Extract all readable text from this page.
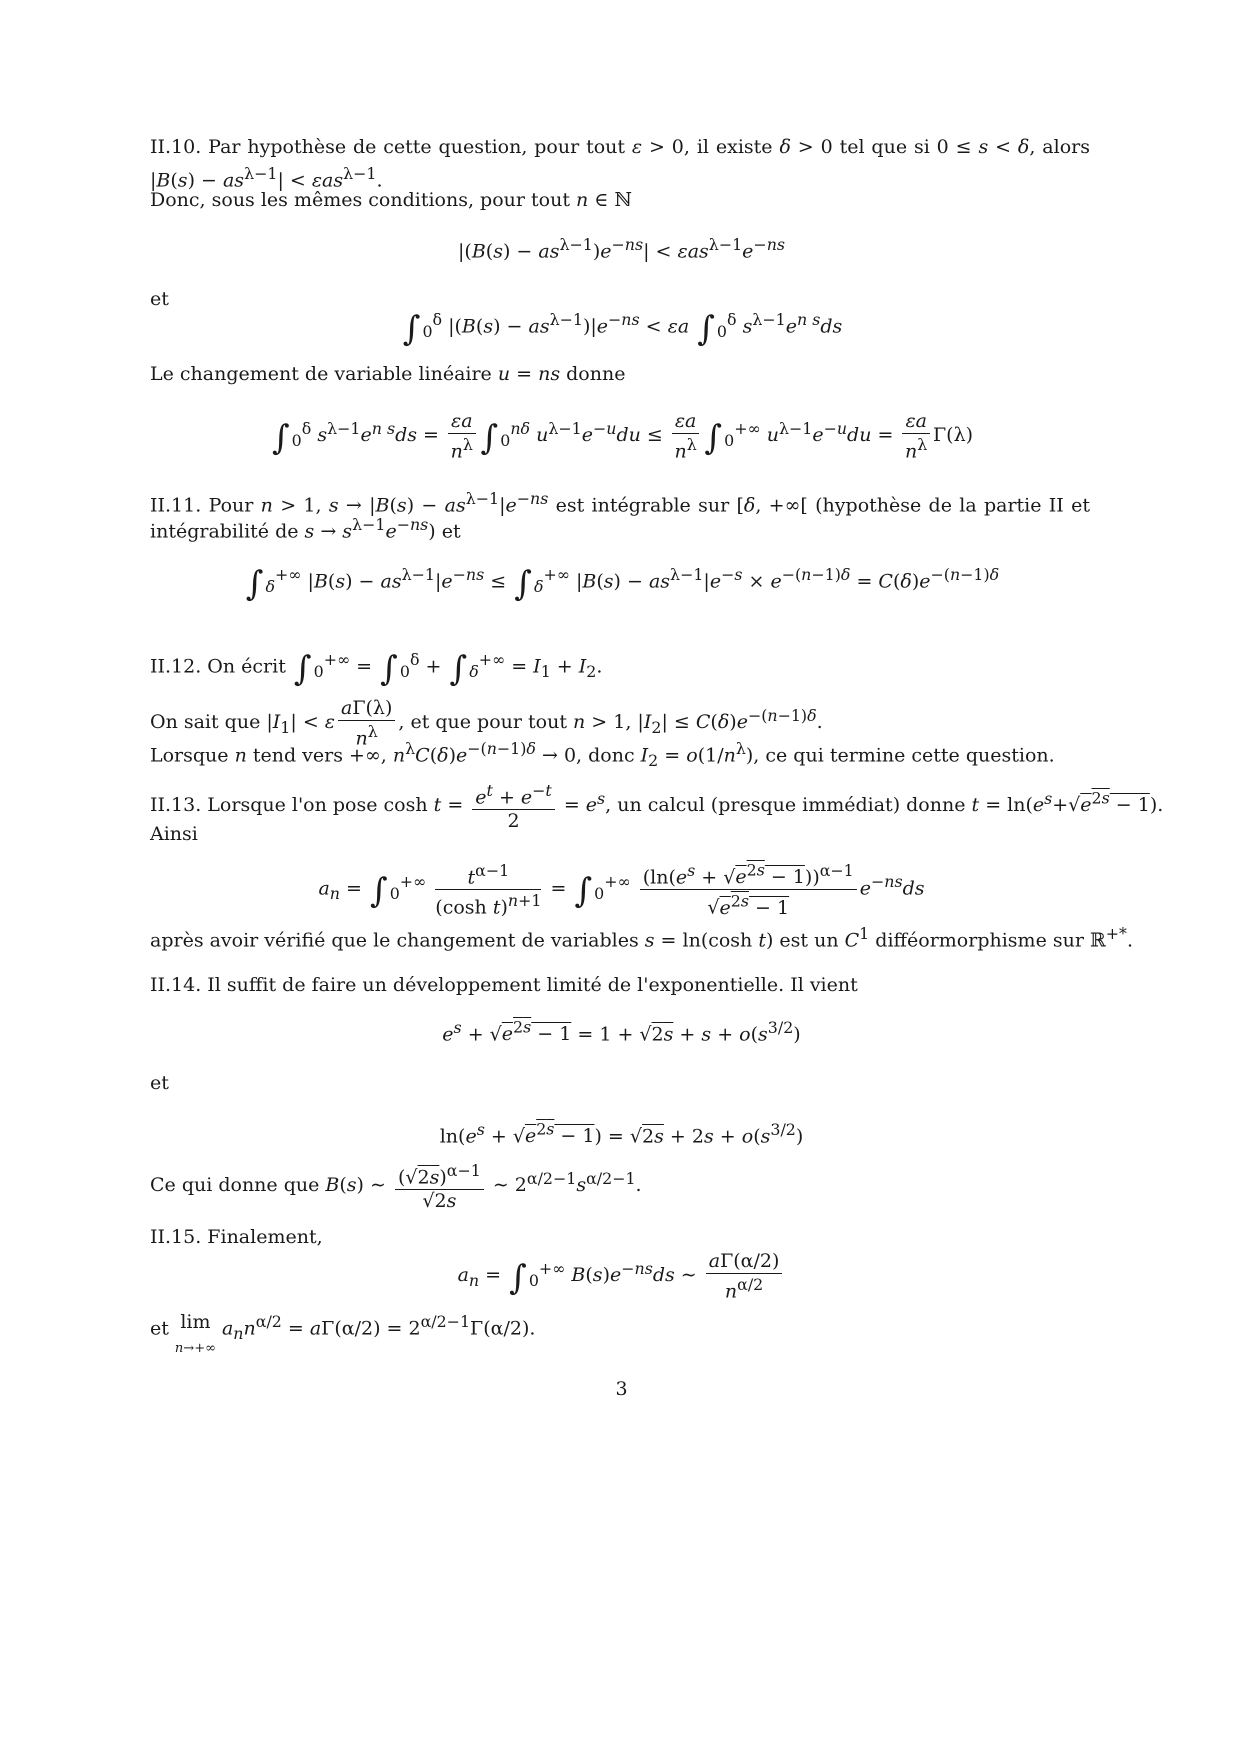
II.10. Par hypothèse de cette question, pour tout ε > 0, il existe δ > 0 tel que si 0 ≤ s < δ, alors
$|B(s) - as^{\lambda-1}| < \varepsilon as^{\lambda-1}$.
Donc, sous les mêmes conditions, pour tout n ∈ ℕ
$|(B(s) - as^{\lambda-1})e^{-ns}| < \varepsilon as^{\lambda-1}e^{-ns}$
et
∫ $_0^\delta$ $|(B(s) - as^{\lambda-1})|e^{-ns} < \varepsilon a$ ∫ $_0^\delta$ $s^{\lambda-1}e^{n s}ds$
Le changement de variable linéaire u = ns donne
∫ $_0^\delta$ $s^{\lambda-1}e^{n s}ds = \frac{\varepsilon a}{n^\lambda}$ ∫ $_0^{n\delta}$ $u^{\lambda-1}e^{-u}du \le \frac{\varepsilon a}{n^\lambda}$ ∫ $_0$+∞ $u^{\lambda-1}e^{-u}du = \frac{\varepsilon a}{n^\lambda} \Gamma(\lambda)$
II.11. Pour n > 1, $s \to |B(s) - as^{\lambda-1}|e^{-ns}$ est intégrable sur [δ, +∞[ (hypothèse de la partie II et
intégrabilité de $s \to s^{\lambda-1}e^{-ns}$) et
∫ $_\delta$+∞ $|B(s) - as^{\lambda-1}|e^{-ns}$ ≤ ∫ $_\delta$+∞ $|B(s) - as^{\lambda-1}|e^{-s} \times e^{-(n-1)\delta} = C(\delta)e^{-(n-1)\delta}$
II.12. On écrit ∫ $_0$+∞ = ∫ $_0^\delta$ + ∫ $_\delta^{+\infty} = I_1 + I_2$.
On sait que $|I_1| < \varepsilon \frac{a\Gamma(\lambda)}{n^\lambda}$ , et que pour tout n > 1, $|I_2| \le C(\delta)e^{-(n-1)\delta}$.
Lorsque n tend vers +∞, $n^\lambda C(\delta)e^{-(n-1)\delta} \to 0$, donc $I_2 = o(1/n^\lambda)$, ce qui termine cette question.
II.13. Lorsque l'on pose $\cosh t = \frac{e^t + e^{-t}}{2} = e^s$, un calcul (presque immédiat) donne $t = \ln(e^s+√e^{2s} - 1)$.
Ainsi
$a_n$ = ∫ $_0^{+\infty} \frac{t^{\alpha-1}}{(\cosh t)^{n+1}}$ = ∫ $_0^{+\infty} \frac{(\ln(e^s + √e^{2s} - 1))^{\alpha-1}}{√e^{2s} - 1} e^{-ns}ds$
après avoir vérifié que le changement de variables s = ln(cosh t) est un $C^1$ difféormorphisme sur ℝ+*.
II.14. Il suffit de faire un développement limité de l'exponentielle. Il vient
$e^s + √e^{2s} - 1 = 1 + √2s + s + o(s^{3/2})$
et
$\ln(e^s + √e^{2s} - 1) = √2s + 2s + o(s^{3/2})$
Ce qui donne que B(s) ∼ $\frac{(√2s)^{\alpha-1}}{√2s}$ ∼ $2^{\alpha/2-1}s^{\alpha/2-1}$.
II.15. Finalement,
$a_n$ = ∫ $_0$+∞ $B(s)e^{-ns}ds$ ∼ $\frac{a\Gamma(\alpha/2)}{n^{\alpha/2}}$
et lim
n→+∞ $a_nn^{\alpha/2} = a\Gamma(\alpha/2) = 2^{\alpha/2-1}\Gamma(\alpha/2)$.
3
